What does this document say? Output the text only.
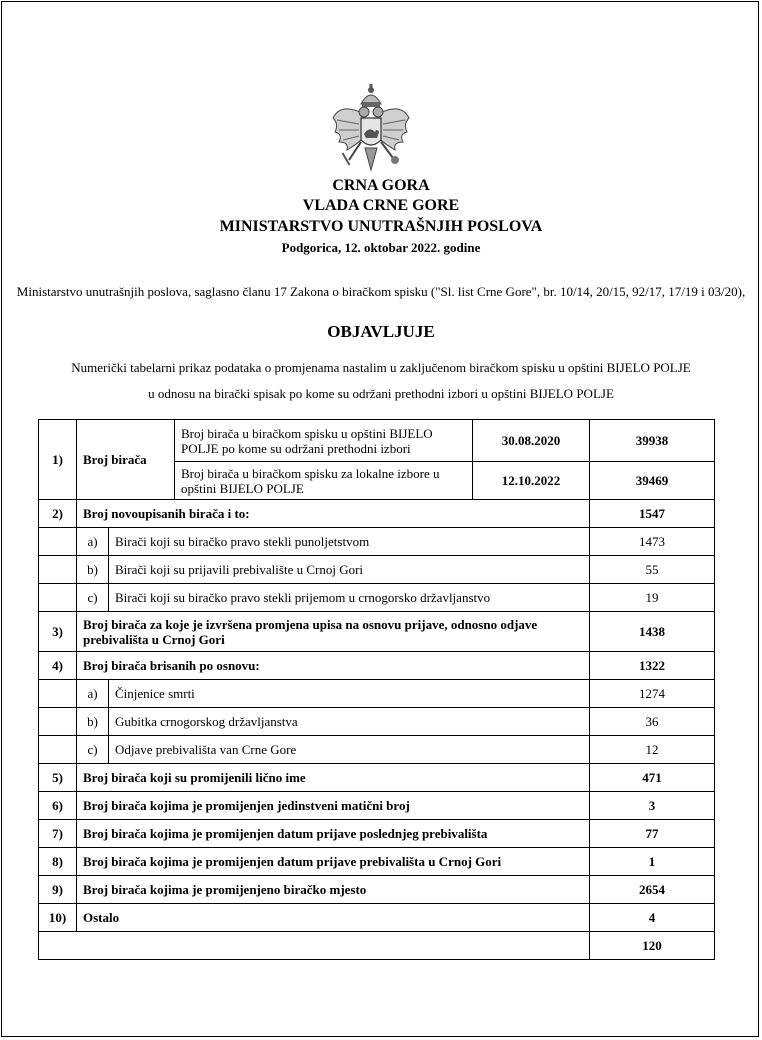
CRNA GORA
VLADA CRNE GORE
MINISTARSTVO UNUTRAŠNJIH POSLOVA
Podgorica, 12. oktobar 2022. godine
Ministarstvo unutrašnjih poslova, saglasno članu 17 Zakona o biračkom spisku ("Sl. list Crne Gore", br. 10/14, 20/15, 92/17, 17/19 i 03/20),
OBJAVLJUJE
Numerički tabelarni prikaz podataka o promjenama nastalim u zaključenom biračkom spisku u opštini BIJELO POLJE
u odnosu na birački spisak po kome su održani prethodni izbori u opštini BIJELO POLJE
1)	Broj birača		Broj birača u biračkom spisku u opštini BIJELO POLJE po kome su održani prethodni izbori	30.08.2020	39938
			Broj birača u biračkom spisku za lokalne izbore u opštini BIJELO POLJE	12.10.2022	39469
2)	Broj novoupisanih birača i to:				1547
	a)	Birači koji su biračko pravo stekli punoljetstvom			1473
	b)	Birači koji su prijavili prebivalište u Crnoj Gori			55
	c)	Birači koji su biračko pravo stekli prijemom u crnogorsko državljanstvo			19
3)	Broj birača za koje je izvršena promjena upisa na osnovu prijave, odnosno odjave prebivališta u Crnoj Gori				1438
4)	Broj birača brisanih po osnovu:				1322
	a)	Činjenice smrti			1274
	b)	Gubitka crnogorskog državljanstva			36
	c)	Odjave prebivališta van Crne Gore			12
5)	Broj birača koji su promijenili lično ime				471
6)	Broj birača kojima je promijenjen jedinstveni matični broj				3
7)	Broj birača kojima je promijenjen datum prijave poslednjeg prebivališta				77
8)	Broj birača kojima je promijenjen datum prijave prebivališta u Crnoj Gori				1
9)	Broj birača kojima je promijenjeno biračko mjesto				2654
10)	Ostalo				4
					120
